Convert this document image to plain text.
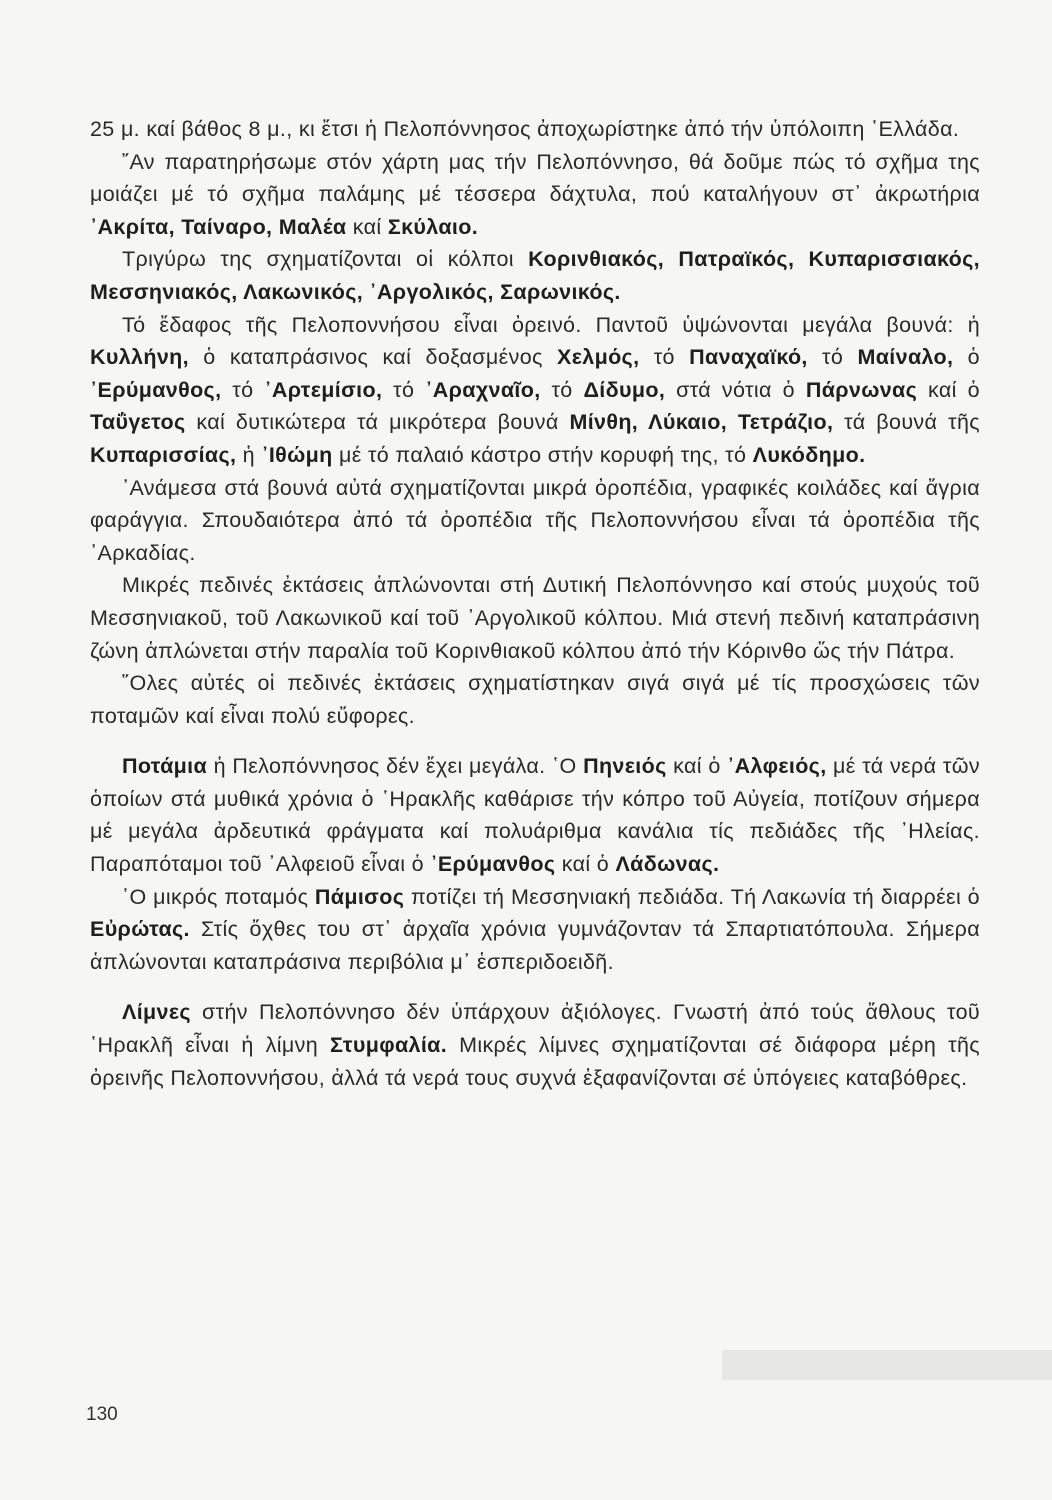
25 μ. καί βάθος 8 μ., κι ἔτσι ἡ Πελοπόννησος ἀποχωρίστηκε ἀπό τήν ὑπόλοιπη ῾Ελλάδα.

῎Αν παρατηρήσωμε στόν χάρτη μας τήν Πελοπόννησο, θά δοῦμε πώς τό σχῆμα της μοιάζει μέ τό σχῆμα παλάμης μέ τέσσερα δάχτυλα, πού καταλήγουν στ᾿ ἀκρωτήρια ᾿Ακρίτα, Ταίναρο, Μαλέα καί Σκύλαιο.

Τριγύρω της σχηματίζονται οἱ κόλποι Κορινθιακός, Πατραϊκός, Κυπαρισσιακός, Μεσσηνιακός, Λακωνικός, ᾿Αργολικός, Σαρωνικός.

Τό ἔδαφος τῆς Πελοποννήσου εἶναι ὀρεινό. Παντοῦ ὑψώνονται μεγάλα βουνά: ἡ Κυλλήνη, ὁ καταπράσινος καί δοξασμένος Χελμός, τό Παναχαϊκό, τό Μαίναλο, ὁ ᾿Ερύμανθος, τό ᾿Αρτεμίσιο, τό ᾿Αραχναῖο, τό Δίδυμο, στά νότια ὁ Πάρνωνας καί ὁ Ταΰγετος καί δυτικώτερα τά μικρότερα βουνά Μίνθη, Λύκαιο, Τετράζιο, τά βουνά τῆς Κυπαρισσίας, ἡ ᾿Ιθώμη μέ τό παλαιό κάστρο στήν κορυφή της, τό Λυκόδημο.

᾿Ανάμεσα στά βουνά αὐτά σχηματίζονται μικρά ὀροπέδια, γραφικές κοιλάδες καί ἄγρια φαράγγια. Σπουδαιότερα ἀπό τά ὀροπέδια τῆς Πελοποννήσου εἶναι τά ὀροπέδια τῆς ᾿Αρκαδίας.

Μικρές πεδινές ἐκτάσεις ἁπλώνονται στή Δυτική Πελοπόννησο καί στούς μυχούς τοῦ Μεσσηνιακοῦ, τοῦ Λακωνικοῦ καί τοῦ ᾿Αργολικοῦ κόλπου. Μιά στενή πεδινή καταπράσινη ζώνη ἁπλώνεται στήν παραλία τοῦ Κορινθιακοῦ κόλπου ἀπό τήν Κόρινθο ὥς τήν Πάτρα.

῞Ολες αὐτές οἱ πεδινές ἐκτάσεις σχηματίστηκαν σιγά σιγά μέ τίς προσχώσεις τῶν ποταμῶν καί εἶναι πολύ εὔφορες.

Ποτάμια ἡ Πελοπόννησος δέν ἔχει μεγάλα. ῾Ο Πηνειός καί ὁ ᾿Αλφειός, μέ τά νερά τῶν ὁποίων στά μυθικά χρόνια ὁ ῾Ηρακλῆς καθάρισε τήν κόπρο τοῦ Αὐγεία, ποτίζουν σήμερα μέ μεγάλα ἀρδευτικά φράγματα καί πολυάριθμα κανάλια τίς πεδιάδες τῆς ᾿Ηλείας. Παραπόταμοι τοῦ ᾿Αλφειοῦ εἶναι ὁ ᾿Ερύμανθος καί ὁ Λάδωνας.

῾Ο μικρός ποταμός Πάμισος ποτίζει τή Μεσσηνιακή πεδιάδα. Τή Λακωνία τή διαρρέει ὁ Εὐρώτας. Στίς ὄχθες του στ᾿ ἀρχαῖα χρόνια γυμνάζονταν τά Σπαρτιατόπουλα. Σήμερα ἁπλώνονται καταπράσινα περιβόλια μ᾿ ἑσπεριδοειδῆ.

Λίμνες στήν Πελοπόννησο δέν ὑπάρχουν ἀξιόλογες. Γνωστή ἀπό τούς ἄθλους τοῦ ῾Ηρακλῆ εἶναι ἡ λίμνη Στυμφαλία. Μικρές λίμνες σχηματίζονται σέ διάφορα μέρη τῆς ὀρεινῆς Πελοποννήσου, ἀλλά τά νερά τους συχνά ἐξαφανίζονται σέ ὑπόγειες καταβόθρες.

130
